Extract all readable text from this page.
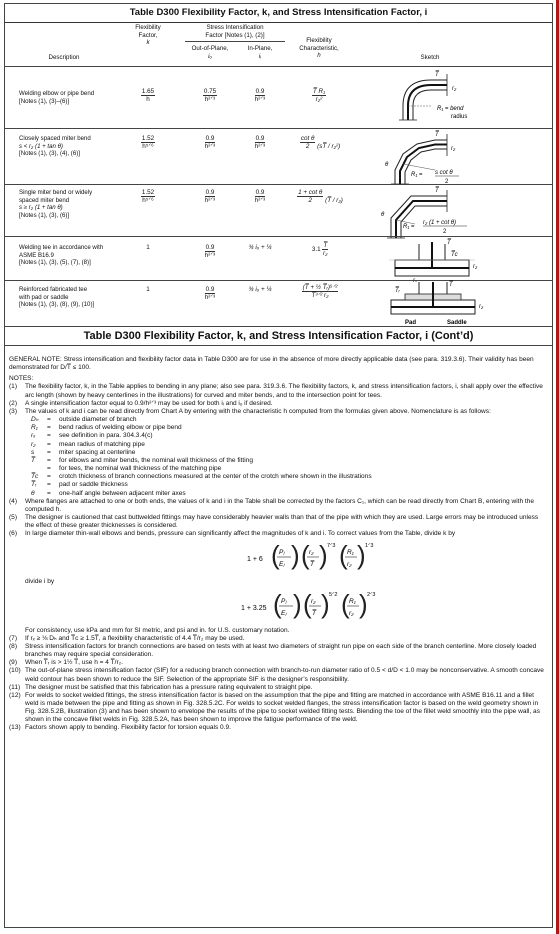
Table D300 Flexibility Factor, k, and Stress Intensification Factor, i
Description
Flexibility
Factor,
k
Stress Intensification
Factor [Notes (1), (2)]
Out-of-Plane,
iₒ
In-Plane,
iᵢ
Flexibility
Characteristic,
h	Sketch
Welding elbow or pipe bend
[Notes (1), (3)–(6)]	$\frac{1.65}{h}$	$\frac{0.75}{\text{h²ᐟ³}}$	$\frac{0.9}{\text{h²ᐟ³}}$	$\frac{\text{T̅ R₁}}{\text{r₂²}}$
T̅
r₂
R₁ = bend
radius
Closely spaced miter bend
s < r₂ (1 + tan θ)
[Notes (1), (3), (4), (6)]
$\frac{1.52}{\text{h⁵ᐟ⁶}}$	$\frac{0.9}{\text{h²ᐟ³}}$	$\frac{0.9}{\text{h²ᐟ³}}$	$\frac{\text{cot θ}}{2}$ (sT̅ / r₂²)
T̅
r₂
θ
R₁ = s cot θ
2
Single miter bend or widely
spaced miter bend
s ≥ r₂ (1 + tan θ)
[Notes (1), (3), (6)]
$\frac{1.52}{\text{h⁵ᐟ⁶}}$	$\frac{0.9}{\text{h²ᐟ³}}$	$\frac{0.9}{\text{h²ᐟ³}}$	$\frac{\text{1 + cot θ}}{2}$ (T̅ / r₂)
T̅
θ
R₁ =
r₂ (1 + cot θ)
2
Welding tee in accordance with
ASME B16.9
[Notes (1), (3), (5), (7), (8)]
1	$\frac{0.9}{\text{h²ᐟ³}}$	¾ iₒ + ¼	$3.1 \frac{T̅}{\text{r₂}}$	T̅
r₂
T̅c
rₓ
Reinforced fabricated tee
with pad or saddle
[Notes (1), (3), (8), (9), (10)]
1	$\frac{0.9}{\text{h²ᐟ³}}$	¾ iₒ + ¼	$\frac{\text{(T̅ + ½ T̅ᵣ)⁵ᐟ²}}{\text{T̅³ᐟ² r₂}}$	T̅
r₂
T̅ᵣ
Pad	Saddle
Table D300 Flexibility Factor, k, and Stress Intensification Factor, i (Cont’d)
GENERAL NOTE: Stress intensification and flexibility factor data in Table D300 are for use in the absence of more directly applicable data (see para. 319.3.6). Their validity has been demonstrated for D/T̅ ≤ 100.
NOTES:
(1)	The flexibility factor, k, in the Table applies to bending in any plane; also see para. 319.3.6. The flexibility factors, k, and stress intensification factors, i, shall apply over the effective arc length (shown by heavy centerlines in the illustrations) for curved and miter bends, and to the intersection point for tees.
(2)	A single intensification factor equal to 0.9/h²ᐟ³ may be used for both iᵢ and iₒ if desired.
(3)	The values of k and i can be read directly from Chart A by entering with the characteristic h computed from the formulas given above. Nomenclature is as follows:
Dₕ	=	outside diameter of branch
R₁	=	bend radius of welding elbow or pipe bend
rₓ	=	see definition in para. 304.3.4(c)
r₂	=	mean radius of matching pipe
s	=	miter spacing at centerline
T̅	=	for elbows and miter bends, the nominal wall thickness of the fitting
=	for tees, the nominal wall thickness of the matching pipe
T̅c	=	crotch thickness of branch connections measured at the center of the crotch where shown in the illustrations
T̅ᵣ	=	pad or saddle thickness
θ	=	one-half angle between adjacent miter axes
(4)	Where flanges are attached to one or both ends, the values of k and i in the Table shall be corrected by the factors C₁, which can be read directly from Chart B, entering with the computed h.
(5)	The designer is cautioned that cast buttwelded fittings may have considerably heavier walls than that of the pipe with which they are used. Large errors may be introduced unless the effect of these greater thicknesses is considered.
(6)	In large diameter thin-wall elbows and bends, pressure can significantly affect the magnitudes of k and i. To correct values from the Table, divide k by
1 + 6 ( Pⱼ
Eⱼ ) ( r₂
T̅ ) 7ᐟ3 ( R₁
r₂ ) 1ᐟ3
divide i by
1 + 3.25 ( Pⱼ
Eⱼ ) ( r₂
T̅ ) 5ᐟ2 ( R₁
r₂ ) 2ᐟ3
For consistency, use kPa and mm for SI metric, and psi and in. for U.S. customary notation.
(7)	If rₓ ≥ ⅛ Dₕ and T̅c ≥ 1.5T̅, a flexibility characteristic of 4.4 T̅/r₂ may be used.
(8)	Stress intensification factors for branch connections are based on tests with at least two diameters of straight run pipe on each side of the branch centerline. More closely loaded branches may require special consideration.
(9)	When T̅ᵣ is > 1½ T̅, use h = 4 T̅/r₂.
(10) The out-of-plane stress intensification factor (SIF) for a reducing branch connection with branch-to-run diameter ratio of 0.5 < d/D < 1.0 may be nonconservative. A smooth concave weld contour has been shown to reduce the SIF. Selection of the appropriate SIF is the designer’s responsibility.
(11) The designer must be satisfied that this fabrication has a pressure rating equivalent to straight pipe.
(12) For welds to socket welded fittings, the stress intensification factor is based on the assumption that the pipe and fitting are matched in accordance with ASME B16.11 and a fillet weld is made between the pipe and fitting as shown in Fig. 328.5.2C. For welds to socket welded flanges, the stress intensification factor is based on the weld geometry shown in Fig. 328.5.2B, illustration (3) and has been shown to envelope the results of the pipe to socket welded fitting tests. Blending the toe of the fillet weld smoothly into the pipe wall, as shown in the concave fillet welds in Fig. 328.5.2A, has been shown to improve the fatigue performance of the weld.
(13) Factors shown apply to bending. Flexibility factor for torsion equals 0.9.
